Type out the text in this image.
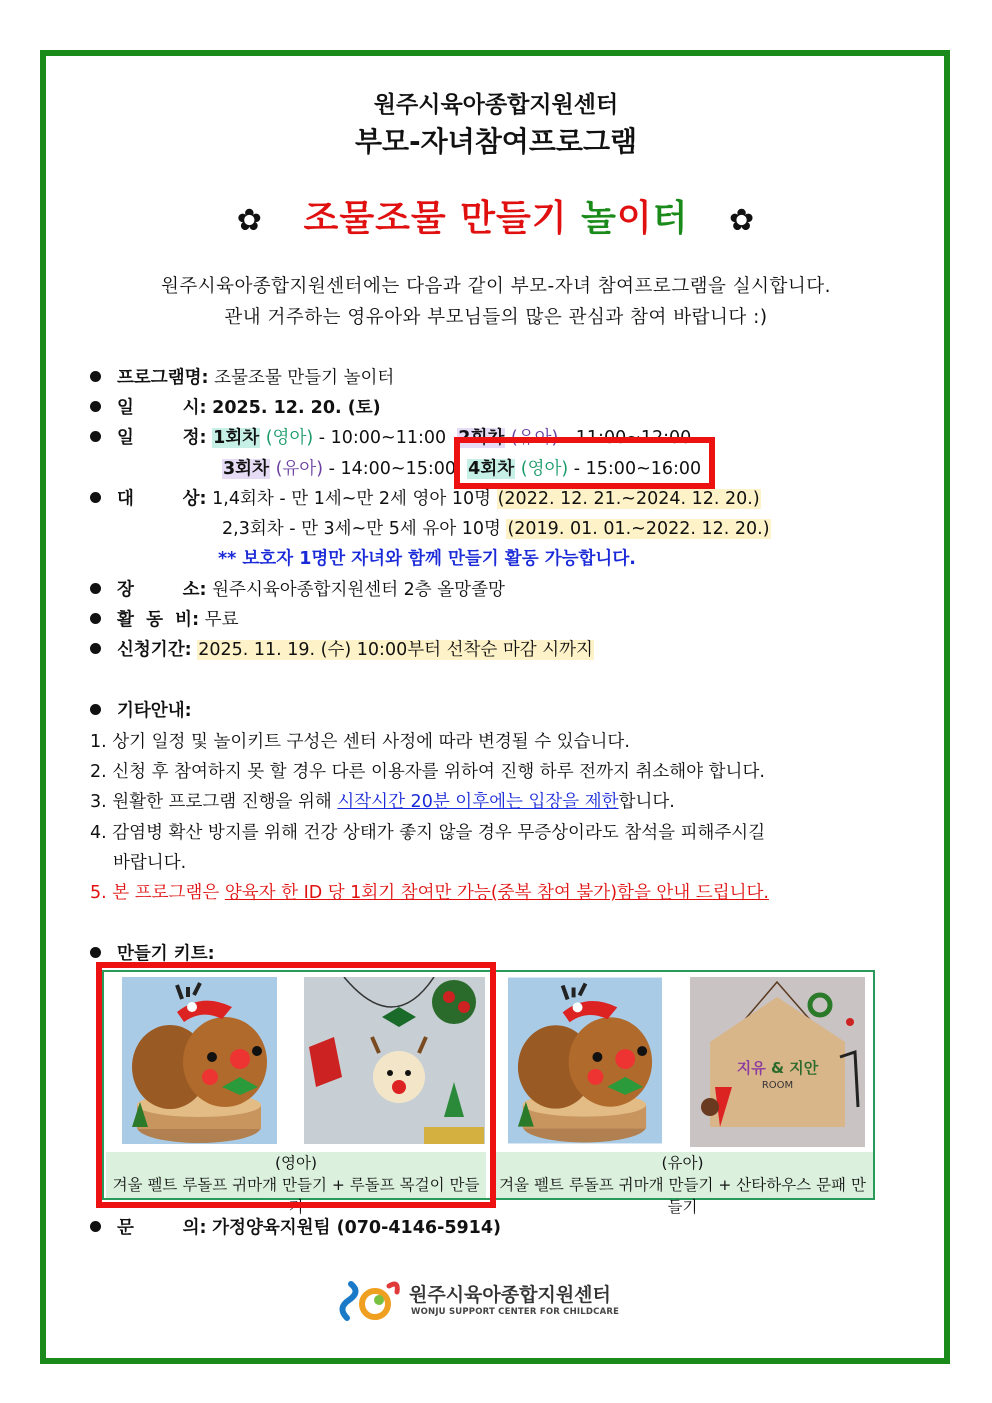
원주시육아종합지원센터
부모-자녀참여프로그램
✿ 조물조물 만들기 놀이터 ✿
원주시육아종합지원센터에는 다음과 같이 부모-자녀 참여프로그램을 실시합니다.
관내 거주하는 영유아와 부모님들의 많은 관심과 참여 바랍니다 :)
프로그램명: 조물조물 만들기 놀이터
일        시: 2025. 12. 20. (토)
일        정: 1회차 (영아) - 10:00~11:00 2회차 (유아) - 11:00~12:00
3회차 (유아) - 14:00~15:00 4회차 (영아) - 15:00~16:00
대        상: 1,4회차 - 만 1세~만 2세 영아 10명 (2022. 12. 21.~2024. 12. 20.)
2,3회차 - 만 3세~만 5세 유아 10명 (2019. 01. 01.~2022. 12. 20.)
** 보호자 1명만 자녀와 함께 만들기 활동 가능합니다.
장        소: 원주시육아종합지원센터 2층 올망졸망
활  동  비: 무료
신청기간: 2025. 11. 19. (수) 10:00부터 선착순 마감 시까지
기타안내:
1. 상기 일정 및 놀이키트 구성은 센터 사정에 따라 변경될 수 있습니다.
2. 신청 후 참여하지 못 할 경우 다른 이용자를 위하여 진행 하루 전까지 취소해야 합니다.
3. 원활한 프로그램 진행을 위해 시작시간 20분 이후에는 입장을 제한합니다.
4. 감염병 확산 방지를 위해 건강 상태가 좋지 않을 경우 무증상이라도 참석을 피해주시길
바랍니다.
5. 본 프로그램은 양육자 한 ID 당 1회기 참여만 가능(중복 참여 불가)함을 안내 드립니다.
만들기 키트:
지유 & 지안
ROOM
(영아)
겨울 펠트 루돌프 귀마개 만들기 + 루돌프 목걸이 만들기
(유아)
겨울 펠트 루돌프 귀마개 만들기 + 산타하우스 문패 만들기
문        의: 가정양육지원팀 (070-4146-5914)
원주시육아종합지원센터
WONJU SUPPORT CENTER FOR CHILDCARE
